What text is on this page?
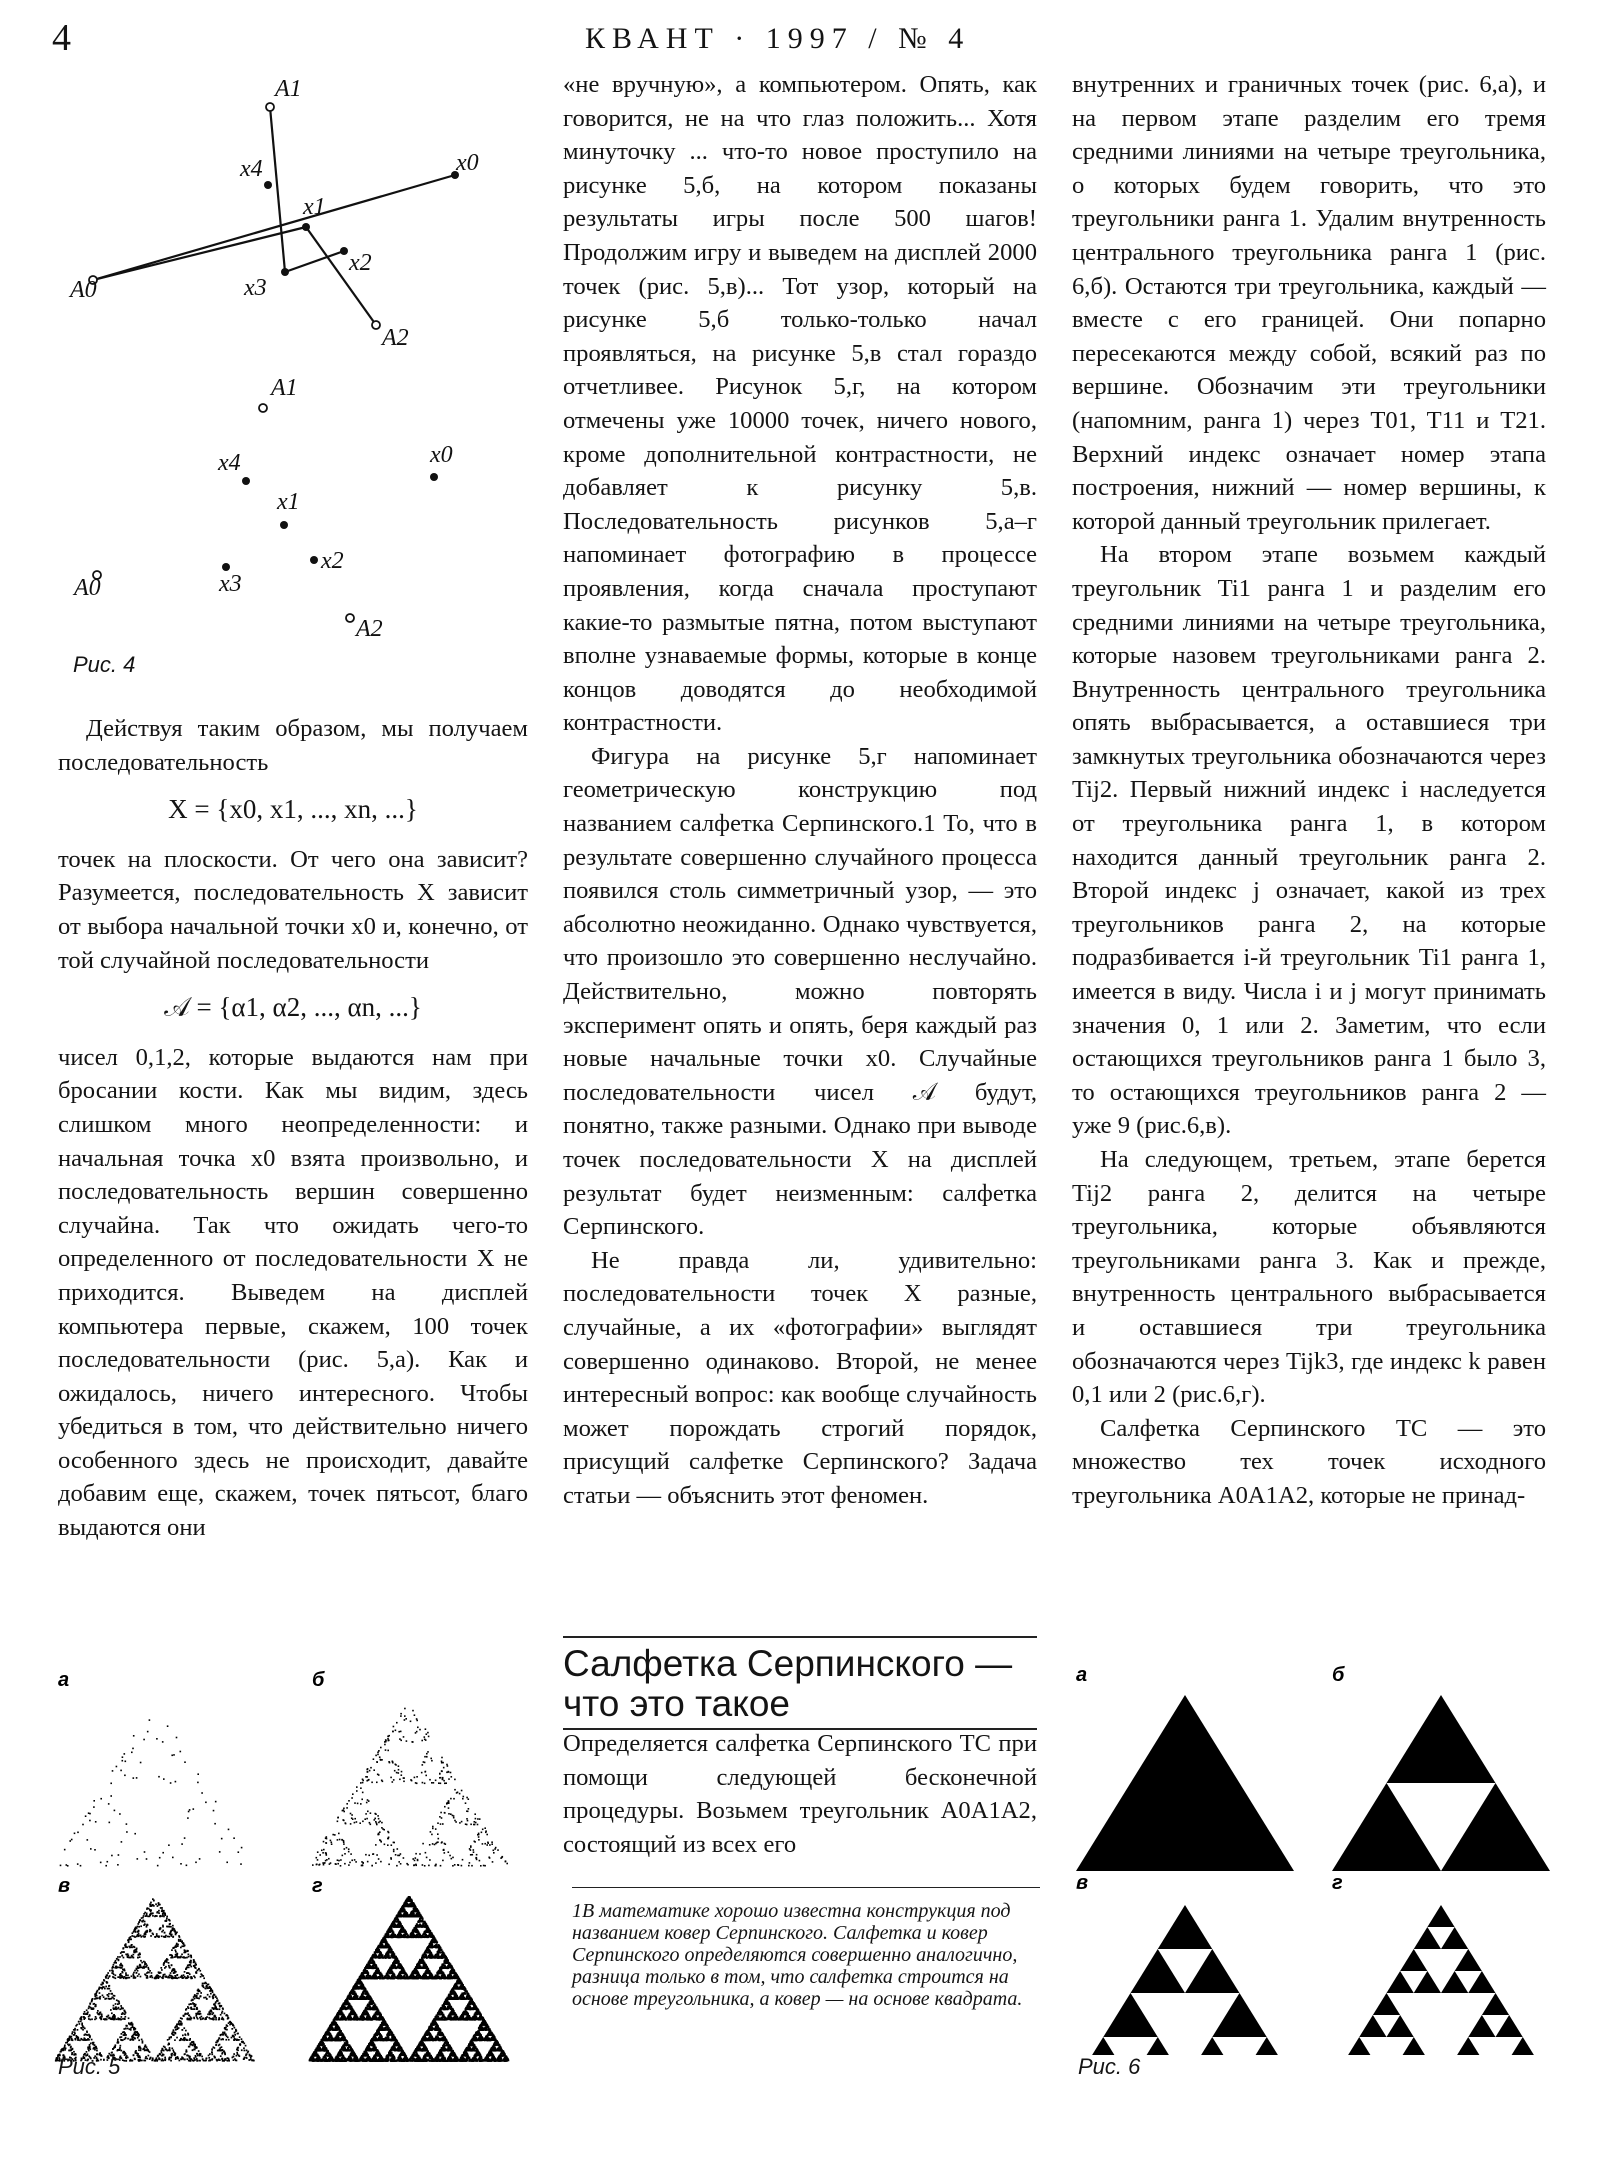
4	КВАНТ · 1997 / № 4
A0
A1
A2
x0
x1
x2
x3
x4
A0
A1
A2
x0
x1
x2
x3
x4
Рис. 4

Действуя таким образом, мы получаем последовательность

X = {x0, x1, ..., xn, ...}

точек на плоскости. От чего она зависит? Разумеется, последовательность X зависит от выбора начальной точки x0 и, конечно, от той случайной последовательности

𝒜 = {α1, α2, ..., αn, ...}

чисел 0,1,2, которые выдаются нам при бросании кости. Как мы видим, здесь слишком много неопределенности: и начальная точка x0 взята произвольно, и последовательность вершин совершенно случайна. Так что ожидать чего-то определенного от последовательности X не приходится. Выведем на дисплей компьютера первые, скажем, 100 точек последовательности (рис. 5,а). Как и ожидалось, ничего интересного. Чтобы убедиться в том, что действительно ничего особенного здесь не происходит, давайте добавим еще, скажем, точек пятьсот, благо выдаются они

«не вручную», а компьютером. Опять, как говорится, не на что глаз положить... Хотя минуточку ... что-то новое проступило на рисунке 5,б, на котором показаны результаты игры после 500 шагов! Продолжим игру и выведем на дисплей 2000 точек (рис. 5,в)... Тот узор, который на рисунке 5,б только-только начал проявляться, на рисунке 5,в стал гораздо отчетливее. Рисунок 5,г, на котором отмечены уже 10000 точек, ничего нового, кроме дополнительной контрастности, не добавляет к рисунку 5,в. Последовательность рисунков 5,а–г напоминает фотографию в процессе проявления, когда сначала проступают какие-то размытые пятна, потом выступают вполне узнаваемые формы, которые в конце концов доводятся до необходимой контрастности.

Фигура на рисунке 5,г напоминает геометрическую конструкцию под названием салфетка Серпинского.1 То, что в результате совершенно случайного процесса появился столь симметричный узор, — это абсолютно неожиданно. Однако чувствуется, что произошло это совершенно неслучайно. Действительно, можно повторять эксперимент опять и опять, беря каждый раз новые начальные точки x0. Случайные последовательности чисел 𝒜 будут, понятно, также разными. Однако при выводе точек последовательности X на дисплей результат будет неизменным: салфетка Серпинского.

Не правда ли, удивительно: последовательности точек X разные, случайные, а их «фотографии» выглядят совершенно одинаково. Второй, не менее интересный вопрос: как вообще случайность может порождать строгий порядок, присущий салфетке Серпинского? Задача статьи — объяснить этот феномен.

Салфетка Серпинского — что это такое
Определяется салфетка Серпинского TC при помощи следующей бесконечной процедуры. Возьмем треугольник A0A1A2, состоящий из всех его
1В математике хорошо известна конструкция под названием ковер Серпинского. Салфетка и ковер Серпинского определяются совершенно аналогично, разница только в том, что салфетка строится на основе треугольника, а ковер — на основе квадрата.

внутренних и граничных точек (рис. 6,а), и на первом этапе разделим его тремя средними линиями на четыре треугольника, о которых будем говорить, что это треугольники ранга 1. Удалим внутренность центрального треугольника ранга 1 (рис. 6,б). Остаются три треугольника, каждый — вместе с его границей. Они попарно пересекаются между собой, всякий раз по вершине. Обозначим эти треугольники (напомним, ранга 1) через T01, T11 и T21. Верхний индекс означает номер этапа построения, нижний — номер вершины, к которой данный треугольник прилегает.

На втором этапе возьмем каждый треугольник Ti1 ранга 1 и разделим его средними линиями на четыре треугольника, которые назовем треугольниками ранга 2. Внутренность центрального треугольника опять выбрасывается, а оставшиеся три замкнутых треугольника обозначаются через Tij2. Первый нижний индекс i наследуется от треугольника ранга 1, в котором находится данный треугольник ранга 2. Второй индекс j означает, какой из трех треугольников ранга 2, на которые подразбивается i-й треугольник Ti1 ранга 1, имеется в виду. Числа i и j могут принимать значения 0, 1 или 2. Заметим, что если остающихся треугольников ранга 1 было 3, то остающихся треугольников ранга 2 — уже 9 (рис.6,в).

На следующем, третьем, этапе берется Tij2 ранга 2, делится на четыре треугольника, которые объявляются треугольниками ранга 3. Как и прежде, внутренность центрального выбрасывается и оставшиеся три треугольника обозначаются через Tijk3, где индекс k равен 0,1 или 2 (рис.6,г).

Салфетка Серпинского TC — это множество тех точек исходного треугольника A0A1A2, которые не принад-

а	б
в	г
Рис. 5
а	б
в	г
Рис. 6
